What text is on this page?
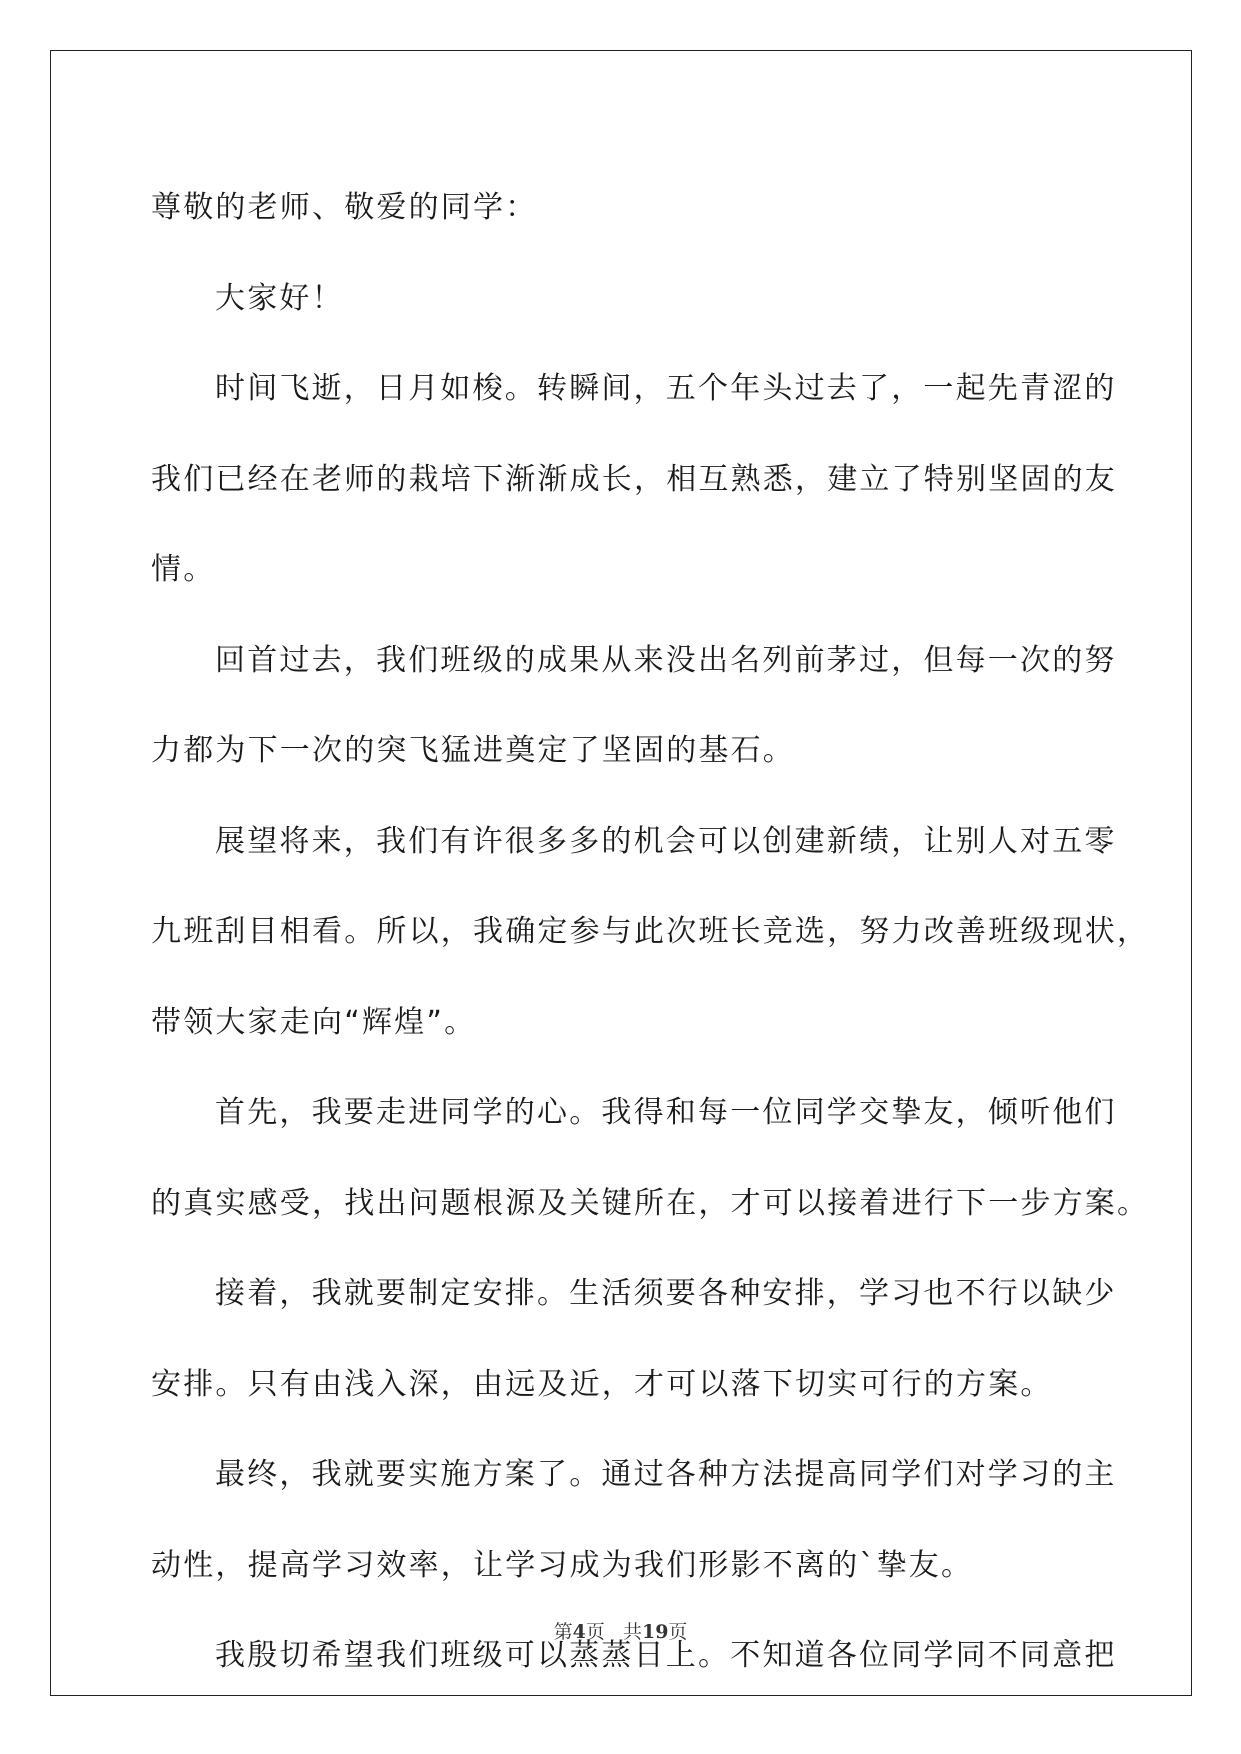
尊敬的老师、敬爱的同学：
大家好！
时间飞逝，日月如梭。转瞬间，五个年头过去了，一起先青涩的
我们已经在老师的栽培下渐渐成长，相互熟悉，建立了特别坚固的友
情。
回首过去，我们班级的成果从来没出名列前茅过，但每一次的努
力都为下一次的突飞猛进奠定了坚固的基石。
展望将来，我们有许很多多的机会可以创建新绩，让别人对五零
九班刮目相看。所以，我确定参与此次班长竞选，努力改善班级现状，
带领大家走向“辉煌”。
首先，我要走进同学的心。我得和每一位同学交挚友，倾听他们
的真实感受，找出问题根源及关键所在，才可以接着进行下一步方案。
接着，我就要制定安排。生活须要各种安排，学习也不行以缺少
安排。只有由浅入深，由远及近，才可以落下切实可行的方案。
最终，我就要实施方案了。通过各种方法提高同学们对学习的主
动性，提高学习效率，让学习成为我们形影不离的`挚友。
我殷切希望我们班级可以蒸蒸日上。不知道各位同学同不同意把
第4页 共19页
